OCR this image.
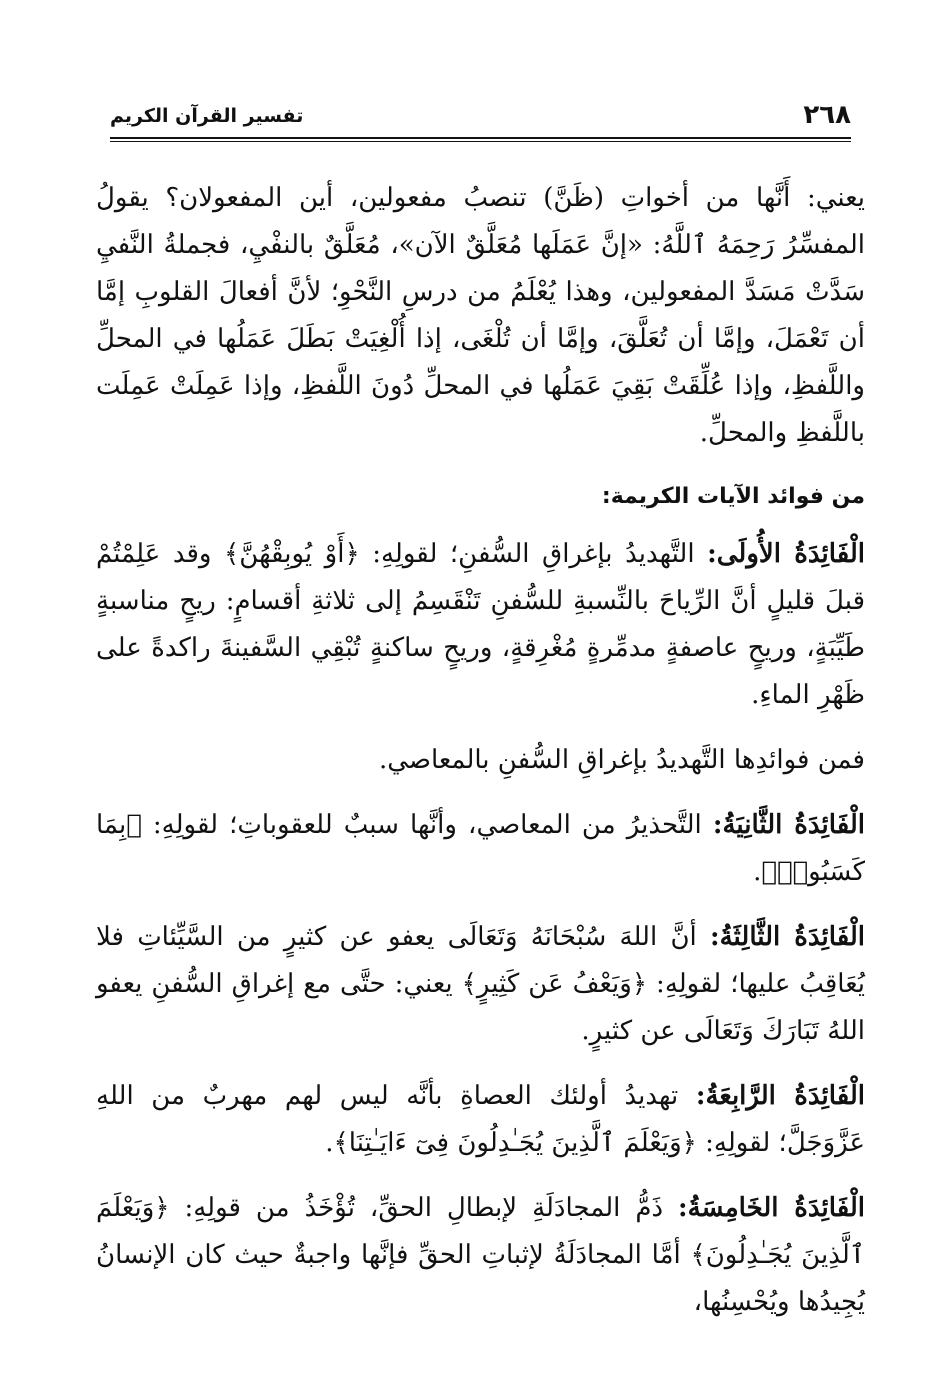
٢٦٨
تفسير القرآن الكريم

يعني: أَنَّها من أخواتِ (ظَنَّ) تنصبُ مفعولين، أين المفعولان؟ يقولُ المفسِّرُ رَحِمَهُ ٱللَّهُ: «إنَّ عَمَلَها مُعَلَّقٌ الآن»، مُعَلَّقٌ بالنفْيِ، فجملةُ النَّفيِ سَدَّتْ مَسَدَّ المفعولين، وهذا يُعْلَمُ من درسِ النَّحْوِ؛ لأنَّ أفعالَ القلوبِ إمَّا أن تَعْمَلَ، وإمَّا أن تُعَلَّقَ، وإمَّا أن تُلْغَى، إذا أُلْغِيَتْ بَطَلَ عَمَلُها في المحلِّ واللَّفظِ، وإذا عُلِّقَتْ بَقِيَ عَمَلُها في المحلِّ دُونَ اللَّفظِ، وإذا عَمِلَتْ عَمِلَت باللَّفظِ والمحلِّ.

من فوائد الآيات الكريمة:

الْفَائِدَةُ الأُولَى: التَّهديدُ بإغراقِ السُّفنِ؛ لقولِهِ: ﴿أَوْ يُوبِقْهُنَّ﴾ وقد عَلِمْتُمْ قبلَ قليلٍ أنَّ الرِّياحَ بالنِّسبةِ للسُّفنِ تَنْقَسِمُ إلى ثلاثةِ أقسامٍ: ريحٍ مناسبةٍ طَيِّبَةٍ، وريحٍ عاصفةٍ مدمِّرةٍ مُغْرِقةٍ، وريحٍ ساكنةٍ تُبْقِي السَّفينةَ راكدةً على ظَهْرِ الماءِ.

فمن فوائدِها التَّهديدُ بإغراقِ السُّفنِ بالمعاصي.

الْفَائِدَةُ الثَّانِيَةُ: التَّحذيرُ من المعاصي، وأنَّها سببٌ للعقوباتِ؛ لقولِهِ: ﴿بِمَا كَسَبُوا۟﴾.

الْفَائِدَةُ الثَّالِثَةُ: أنَّ اللهَ سُبْحَانَهُ وَتَعَالَى يعفو عن كثيرٍ من السَّيِّئاتِ فلا يُعَاقِبُ عليها؛ لقولِهِ: ﴿وَيَعْفُ عَن كَثِيرٍ﴾ يعني: حتَّى مع إغراقِ السُّفنِ يعفو اللهُ تَبَارَكَ وَتَعَالَى عن كثيرٍ.

الْفَائِدَةُ الرَّابِعَةُ: تهديدُ أولئك العصاةِ بأنَّه ليس لهم مهربٌ من اللهِ عَزَّوَجَلَّ؛ لقولِهِ: ﴿وَيَعْلَمَ ٱلَّذِينَ يُجَـٰدِلُونَ فِىٓ ءَايَـٰتِنَا﴾.

الْفَائِدَةُ الخَامِسَةُ: ذَمُّ المجادَلَةِ لإبطالِ الحقِّ، تُؤْخَذُ من قولِهِ: ﴿وَيَعْلَمَ ٱلَّذِينَ يُجَـٰدِلُونَ﴾ أمَّا المجادَلَةُ لإثباتِ الحقِّ فإنَّها واجبةٌ حيث كان الإنسانُ يُجِيدُها ويُحْسِنُها،
